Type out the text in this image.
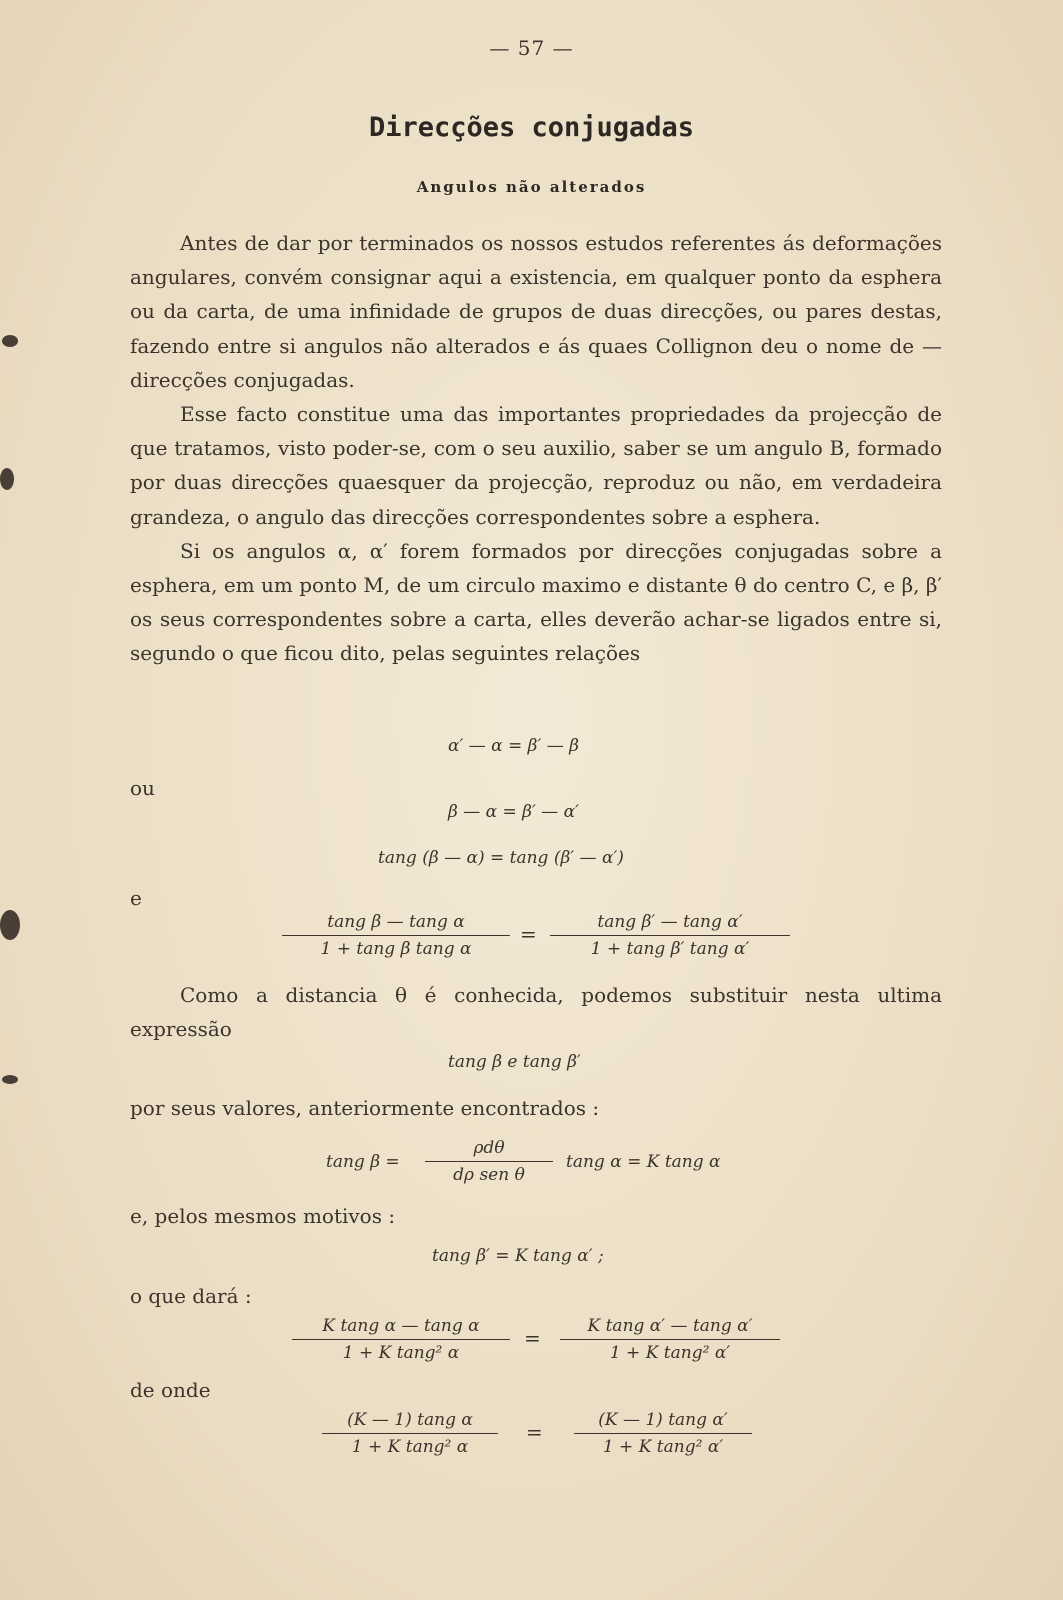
— 57 —
Direcções conjugadas
Angulos não alterados

Antes de dar por terminados os nossos estudos referentes ás deformações angulares, convém consignar aqui a existencia, em qualquer ponto da esphera ou da carta, de uma infinidade de grupos de duas direcções, ou pares destas, fazendo entre si angulos não alterados e ás quaes Collignon deu o nome de — direcções conjugadas.

Esse facto constitue uma das importantes propriedades da projecção de que tratamos, visto poder-se, com o seu auxilio, saber se um angulo B, formado por duas direcções quaesquer da projecção, reproduz ou não, em verdadeira grandeza, o angulo das direcções correspondentes sobre a esphera.

Si os angulos α, α′ forem formados por direcções conjugadas sobre a esphera, em um ponto M, de um circulo maximo e distante θ do centro C, e β, β′ os seus correspondentes sobre a carta, elles deverão achar-se ligados entre si, segundo o que ficou dito, pelas seguintes relações

α′ — α = β′ — β
ou
β — α = β′ — α′
tang (β — α) = tang (β′ — α′)
e
$\frac{\text{tang β — tang α}}{\text{1 + tang β tang α}} = \frac{\text{tang β′ — tang α′}}{\text{1 + tang β′ tang α′}}$

Como a distancia θ é conhecida, podemos substituir nesta ultima expressão

tang β e tang β′
por seus valores, anteriormente encontrados :
tang β =
ρdθ
dρ sen θ
tang α = K tang α
e, pelos mesmos motivos :
tang β′ = K tang α′ ;
o que dará :
$\frac{\text{K tang α — tang α}}{\text{1 + K tang² α}} = \frac{\text{K tang α′ — tang α′}}{\text{1 + K tang² α′}}$
de onde
$\frac{\text{(K — 1) tang α}}{\text{1 + K tang² α}} = \frac{\text{(K — 1) tang α′}}{\text{1 + K tang² α′}}$
